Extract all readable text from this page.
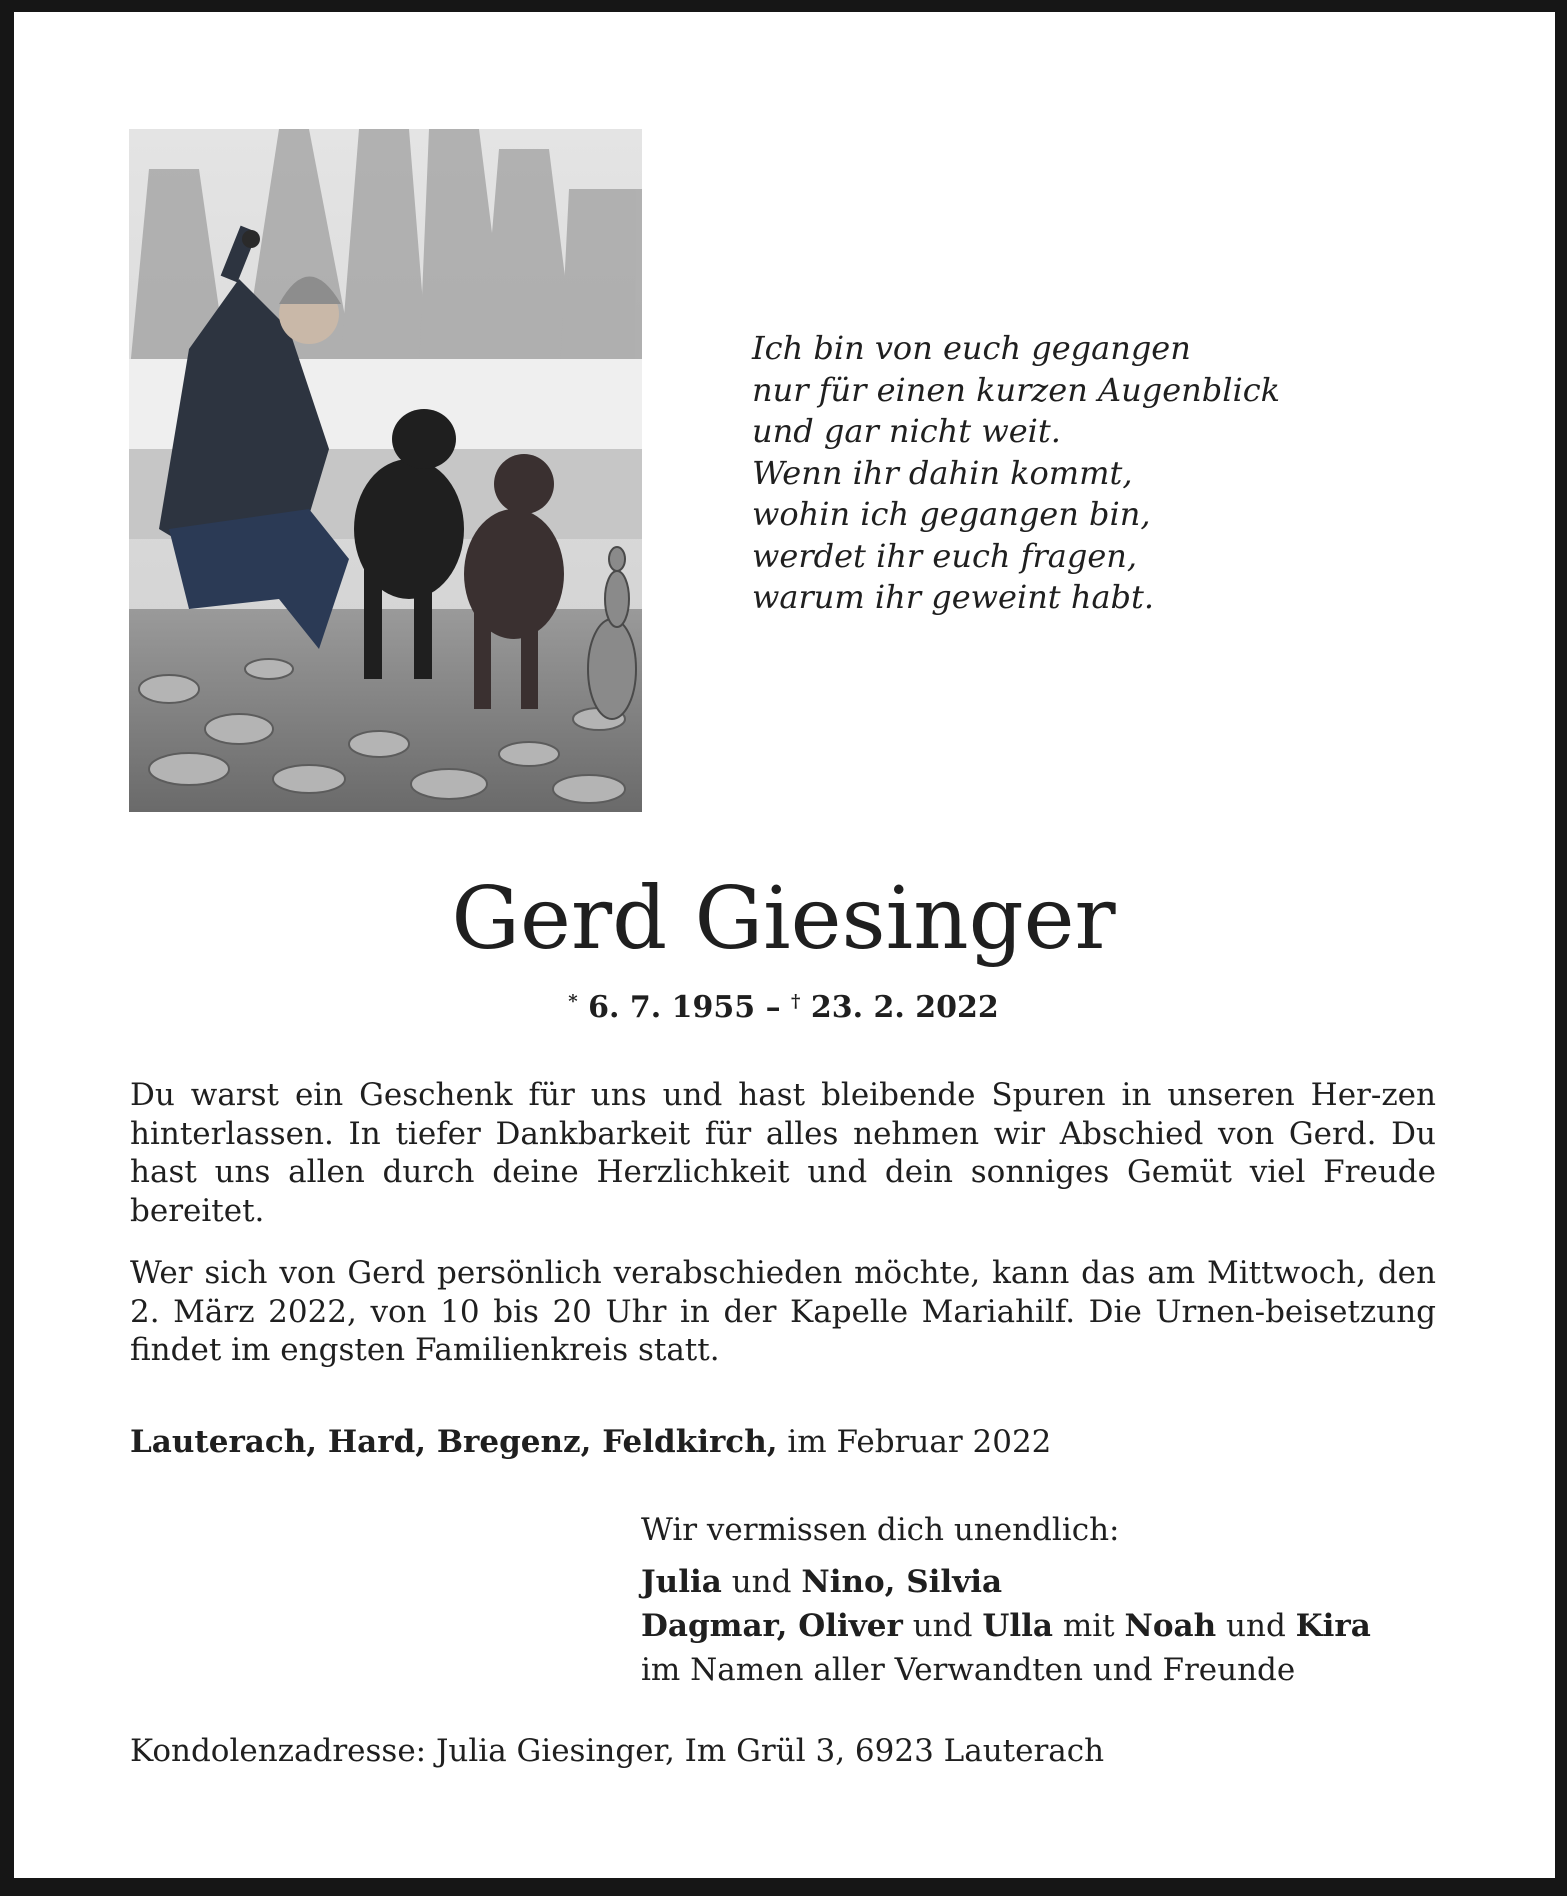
Ich bin von euch gegangen
nur für einen kurzen Augenblick
und gar nicht weit.
Wenn ihr dahin kommt,
wohin ich gegangen bin,
werdet ihr euch fragen,
warum ihr geweint habt.
Gerd Giesinger
* 6. 7. 1955 – † 23. 2. 2022

Du warst ein Geschenk für uns und hast bleibende Spuren in unseren Her-zen hinterlassen. In tiefer Dankbarkeit für alles nehmen wir Abschied von Gerd. Du hast uns allen durch deine Herzlichkeit und dein sonniges Gemüt viel Freude bereitet.

Wer sich von Gerd persönlich verabschieden möchte, kann das am Mittwoch, den 2. März 2022, von 10 bis 20 Uhr in der Kapelle Mariahilf. Die Urnen-beisetzung findet im engsten Familienkreis statt.

Lauterach, Hard, Bregenz, Feldkirch, im Februar 2022
Wir vermissen dich unendlich:
Julia und Nino, Silvia
Dagmar, Oliver und Ulla mit Noah und Kira
im Namen aller Verwandten und Freunde
Kondolenzadresse: Julia Giesinger, Im Grül 3, 6923 Lauterach
